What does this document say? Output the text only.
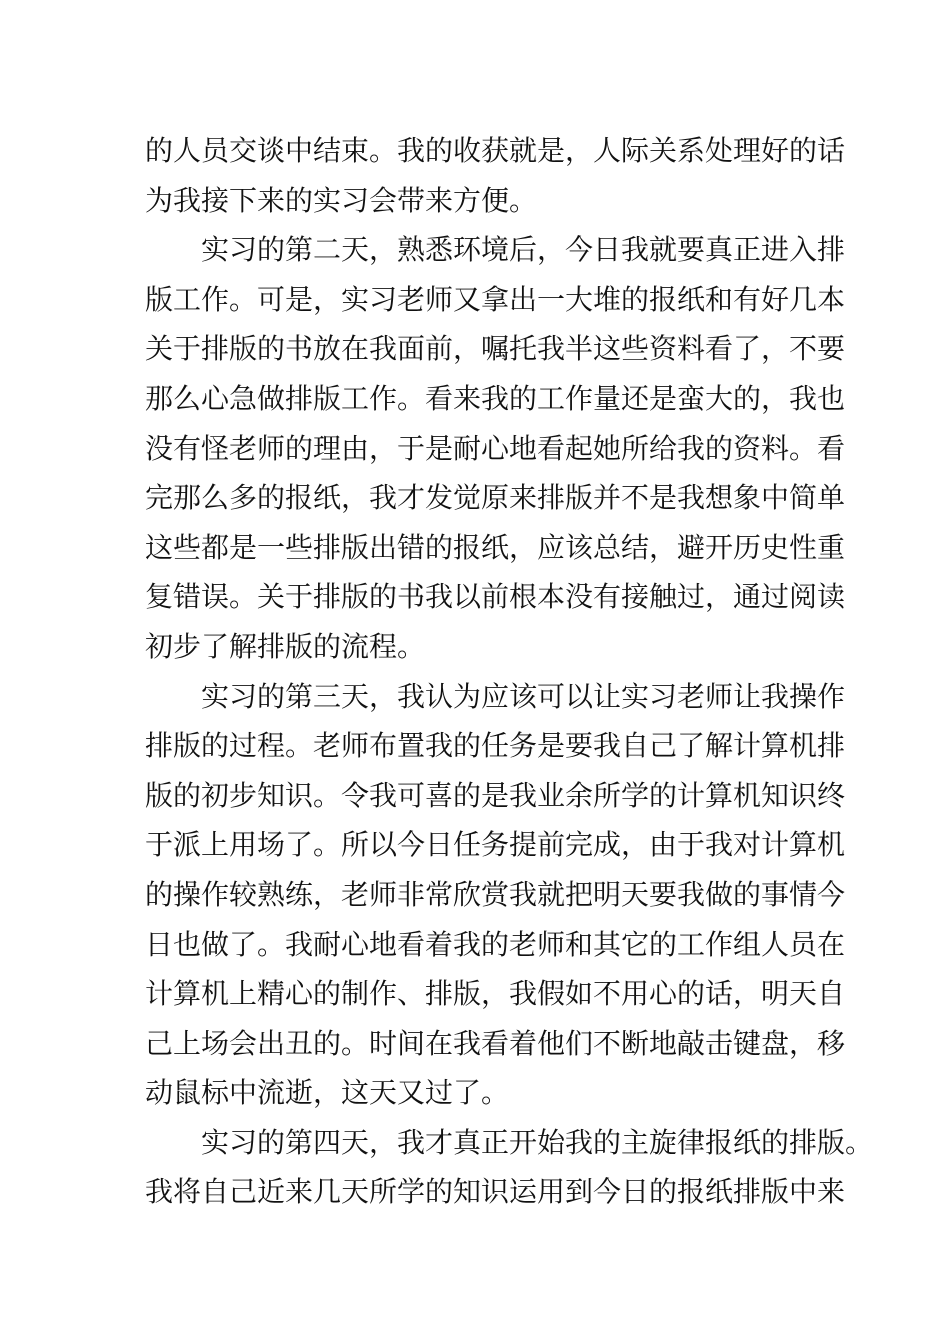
的人员交谈中结束。我的收获就是，人际关系处理好的话
为我接下来的实习会带来方便。
实习的第二天，熟悉环境后，今日我就要真正进入排
版工作。可是，实习老师又拿出一大堆的报纸和有好几本
关于排版的书放在我面前，嘱托我半这些资料看了，不要
那么心急做排版工作。看来我的工作量还是蛮大的，我也
没有怪老师的理由，于是耐心地看起她所给我的资料。看
完那么多的报纸，我才发觉原来排版并不是我想象中简单
这些都是一些排版出错的报纸，应该总结，避开历史性重
复错误。关于排版的书我以前根本没有接触过，通过阅读
初步了解排版的流程。
实习的第三天，我认为应该可以让实习老师让我操作
排版的过程。老师布置我的任务是要我自己了解计算机排
版的初步知识。令我可喜的是我业余所学的计算机知识终
于派上用场了。所以今日任务提前完成，由于我对计算机
的操作较熟练，老师非常欣赏我就把明天要我做的事情今
日也做了。我耐心地看着我的老师和其它的工作组人员在
计算机上精心的制作、排版，我假如不用心的话，明天自
己上场会出丑的。时间在我看着他们不断地敲击键盘，移
动鼠标中流逝，这天又过了。
实习的第四天，我才真正开始我的主旋律报纸的排版。
我将自己近来几天所学的知识运用到今日的报纸排版中来
